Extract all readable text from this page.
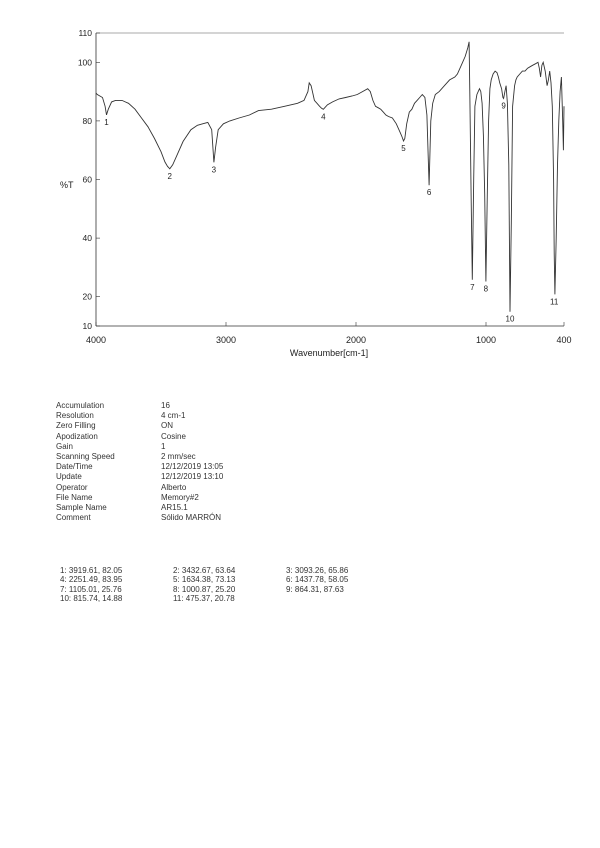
4000	3000	2000	1000	400
110
100
80
60
40
20
10
1
2
3
4
5
6
7 8
9
10
11
Wavenumber[cm-1]
%T
Accumulation	16
Resolution	4 cm-1
Zero Filling	ON
Apodization	Cosine
Gain	1
Scanning Speed	2 mm/sec
Date/Time	12/12/2019 13:05
Update	12/12/2019 13:10
Operator	Alberto
File Name	Memory#2
Sample Name	AR15.1
Comment	Sólido MARRÓN
1: 3919.61, 82.05	2: 3432.67, 63.64	3: 3093.26, 65.86
4: 2251.49, 83.95	5: 1634.38, 73.13	6: 1437.78, 58.05
7: 1105.01, 25.76	8: 1000.87, 25.20	9: 864.31, 87.63
10: 815.74, 14.88	11: 475.37, 20.78
